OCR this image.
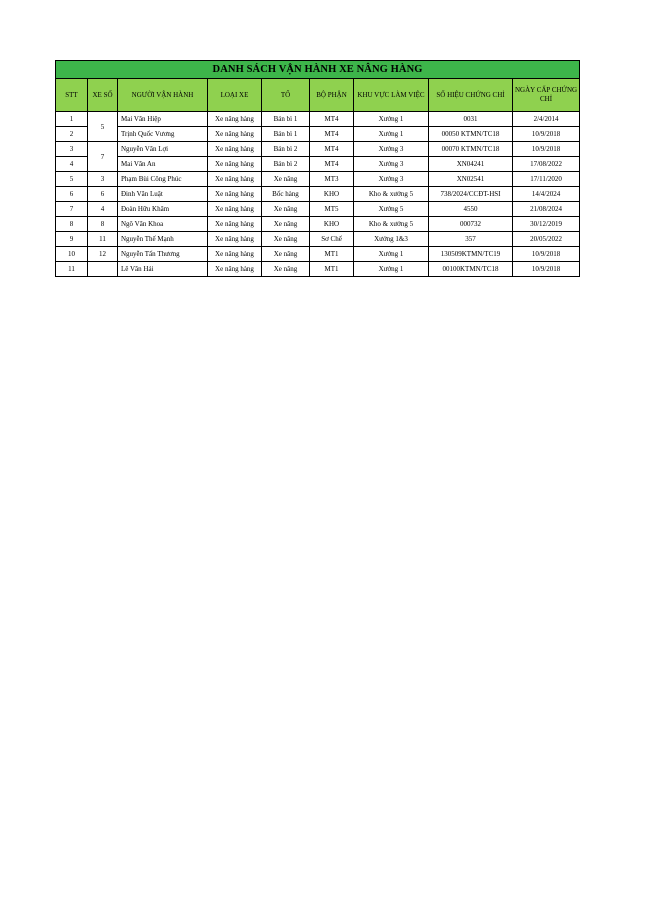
DANH SÁCH VẬN HÀNH XE NÂNG HÀNG								
STT	XE SỐ	NGƯỜI VẬN HÀNH	LOẠI XE	TỔ	BỘ PHẬN	KHU VỰC LÀM VIỆC	SỐ HIỆU CHỨNG CHỈ	NGÀY CẤP CHỨNG CHỈ
1	5	Mai Văn Hiệp	Xe nâng hàng	Bán bì 1	MT4	Xưởng 1	0031	2/4/2014
2		Trịnh Quốc Vương	Xe nâng hàng	Bán bì 1	MT4	Xưởng 1	00050 KTMN/TC18	10/9/2018
3	7	Nguyễn Văn Lợi	Xe nâng hàng	Bán bì 2	MT4	Xưởng 3	00070 KTMN/TC18	10/9/2018
4		Mai Văn An	Xe nâng hàng	Bán bì 2	MT4	Xưởng 3	XN04241	17/08/2022
5	3	Phạm Bùi Công Phúc	Xe nâng hàng	Xe nâng	MT3	Xưởng 3	XN02541	17/11/2020
6	6	Đinh Văn Luật	Xe nâng hàng	Bốc hàng	KHO	Kho & xưởng 5	738/2024/CCĐT-HSI	14/4/2024
7	4	Đoàn Hữu Khâm	Xe nâng hàng	Xe nâng	MT5	Xưởng 5	4550	21/08/2024
8	8	Ngô Văn Khoa	Xe nâng hàng	Xe nâng	KHO	Kho & xưởng 5	000732	30/12/2019
9	11	Nguyễn Thế Mạnh	Xe nâng hàng	Xe nâng	Sơ Chế	Xưởng 1&3	357	20/05/2022
10	12	Nguyễn Tấn Thương	Xe nâng hàng	Xe nâng	MT1	Xưởng 1	130509KTMN/TC19	10/9/2018
11		Lê Văn Hải	Xe nâng hàng	Xe nâng	MT1	Xưởng 1	00100KTMN/TC18	10/9/2018
